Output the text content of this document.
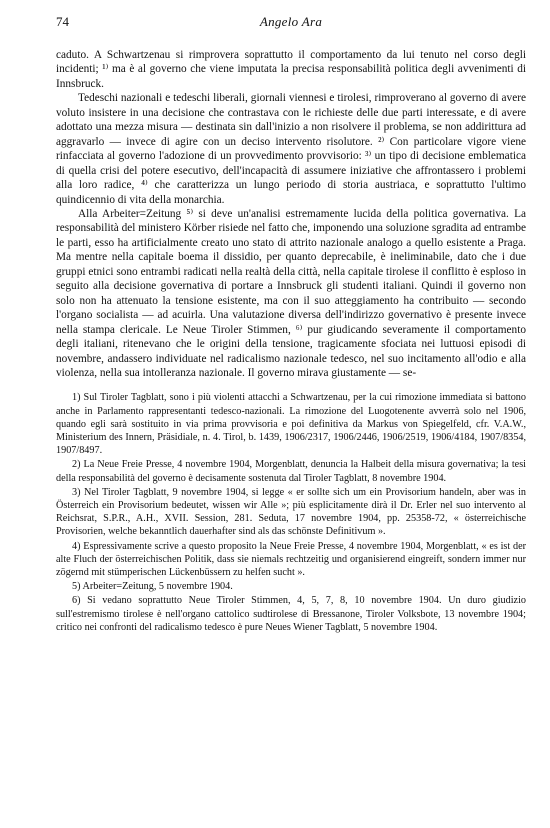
74	Angelo Ara

caduto. A Schwartzenau si rimprovera soprattutto il comportamento da lui tenuto nel corso degli incidenti; ¹⁾ ma è al governo che viene imputata la precisa responsabilità politica degli avvenimenti di Innsbruck.

Tedeschi nazionali e tedeschi liberali, giornali viennesi e tirolesi, rimproverano al governo di avere voluto insistere in una decisione che contrastava con le richieste delle due parti interessate, e di avere adottato una mezza misura — destinata sin dall'inizio a non risolvere il problema, se non addirittura ad aggravarlo — invece di agire con un deciso intervento risolutore. ²⁾ Con particolare vigore viene rinfacciata al governo l'adozione di un provvedimento provvisorio: ³⁾ un tipo di decisione emblematica di quella crisi del potere esecutivo, dell'incapacità di assumere iniziative che affrontassero i problemi alla loro radice, ⁴⁾ che caratterizza un lungo periodo di storia austriaca, e soprattutto l'ultimo quindicennio di vita della monarchia.

Alla Arbeiter=Zeitung ⁵⁾ si deve un'analisi estremamente lucida della politica governativa. La responsabilità del ministero Körber risiede nel fatto che, imponendo una soluzione sgradita ad entrambe le parti, esso ha artificialmente creato uno stato di attrito nazionale analogo a quello esistente a Praga. Ma mentre nella capitale boema il dissidio, per quanto deprecabile, è ineliminabile, dato che i due gruppi etnici sono entrambi radicati nella realtà della città, nella capitale tirolese il conflitto è esploso in seguito alla decisione governativa di portare a Innsbruck gli studenti italiani. Quindi il governo non solo non ha attenuato la tensione esistente, ma con il suo atteggiamento ha contribuito — secondo l'organo socialista — ad acuirla. Una valutazione diversa dell'indirizzo governativo è presente invece nella stampa clericale. Le Neue Tiroler Stimmen, ⁶⁾ pur giudicando severamente il comportamento degli italiani, ritenevano che le origini della tensione, tragicamente sfociata nei luttuosi episodi di novembre, andassero individuate nel radicalismo nazionale tedesco, nel suo incitamento all'odio e alla violenza, nella sua intolleranza nazionale. Il governo mirava giustamente — se-

1) Sul Tiroler Tagblatt, sono i più violenti attacchi a Schwartzenau, per la cui rimozione immediata si battono anche in Parlamento rappresentanti tedesco-nazionali. La rimozione del Luogotenente avverrà solo nel 1906, quando egli sarà sostituito in via prima provvisoria e poi definitiva da Markus von Spiegelfeld, cfr. V.A.W., Ministerium des Innern, Präsidiale, n. 4. Tirol, b. 1439, 1906/2317, 1906/2446, 1906/2519, 1906/4184, 1907/8354, 1907/8497.

2) La Neue Freie Presse, 4 novembre 1904, Morgenblatt, denuncia la Halbeit della misura governativa; la tesi della responsabilità del governo è decisamente sostenuta dal Tiroler Tagblatt, 8 novembre 1904.

3) Nel Tiroler Tagblatt, 9 novembre 1904, si legge « er sollte sich um ein Provisorium handeln, aber was in Österreich ein Provisorium bedeutet, wissen wir Alle »; più esplicitamente dirà il Dr. Erler nel suo intervento al Reichsrat, S.P.R., A.H., XVII. Session, 281. Seduta, 17 novembre 1904, pp. 25358-72, « österreichische Provisorien, welche bekanntlich dauerhafter sind als das schönste Definitivum ».

4) Espressivamente scrive a questo proposito la Neue Freie Presse, 4 novembre 1904, Morgenblatt, « es ist der alte Fluch der österreichischen Politik, dass sie niemals rechtzeitig und organisierend eingreift, sondern immer nur zögernd mit stümperischen Lückenbüssern zu helfen sucht ».

5) Arbeiter=Zeitung, 5 novembre 1904.

6) Si vedano soprattutto Neue Tiroler Stimmen, 4, 5, 7, 8, 10 novembre 1904. Un duro giudizio sull'estremismo tirolese è nell'organo cattolico sudtirolese di Bressanone, Tiroler Volksbote, 13 novembre 1904; critico nei confronti del radicalismo tedesco è pure Neues Wiener Tagblatt, 5 novembre 1904.
